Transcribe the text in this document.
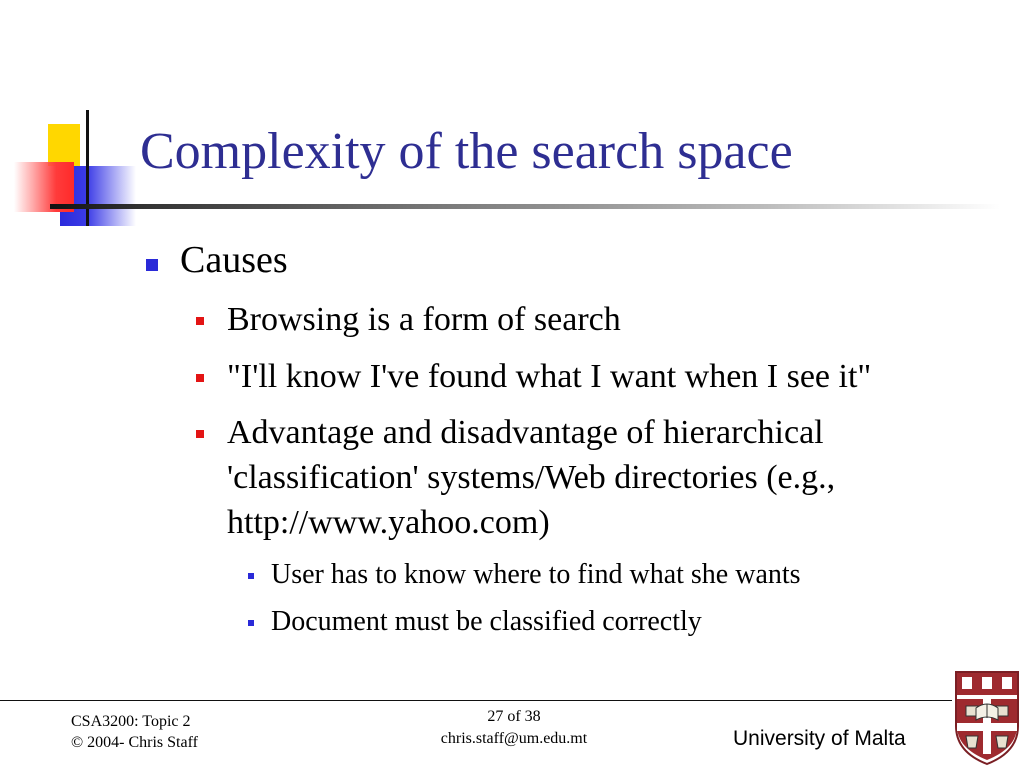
Complexity of the search space
Causes
Browsing is a form of search
"I'll know I've found what I want when I see it"
Advantage and disadvantage of hierarchical 'classification' systems/Web directories (e.g., http://www.yahoo.com)
User has to know where to find what she wants
Document must be classified correctly
CSA3200: Topic 2
© 2004- Chris Staff
27 of 38
chris.staff@um.edu.mt	University of Malta
